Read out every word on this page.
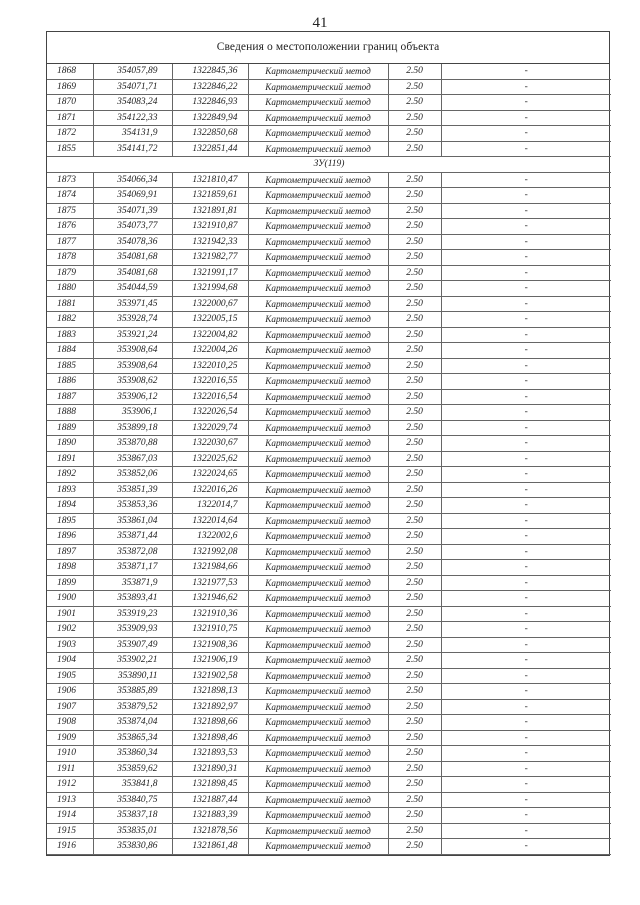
41
Сведения о местоположении границ объекта
1868	354057,89	1322845,36	Картометрический метод	2.50	-
1869	354071,71	1322846,22	Картометрический метод	2.50	-
1870	354083,24	1322846,93	Картометрический метод	2.50	-
1871	354122,33	1322849,94	Картометрический метод	2.50	-
1872	354131,9	1322850,68	Картометрический метод	2.50	-
1855	354141,72	1322851,44	Картометрический метод	2.50	-
ЗУ(119)					
1873	354066,34	1321810,47	Картометрический метод	2.50	-
1874	354069,91	1321859,61	Картометрический метод	2.50	-
1875	354071,39	1321891,81	Картометрический метод	2.50	-
1876	354073,77	1321910,87	Картометрический метод	2.50	-
1877	354078,36	1321942,33	Картометрический метод	2.50	-
1878	354081,68	1321982,77	Картометрический метод	2.50	-
1879	354081,68	1321991,17	Картометрический метод	2.50	-
1880	354044,59	1321994,68	Картометрический метод	2.50	-
1881	353971,45	1322000,67	Картометрический метод	2.50	-
1882	353928,74	1322005,15	Картометрический метод	2.50	-
1883	353921,24	1322004,82	Картометрический метод	2.50	-
1884	353908,64	1322004,26	Картометрический метод	2.50	-
1885	353908,64	1322010,25	Картометрический метод	2.50	-
1886	353908,62	1322016,55	Картометрический метод	2.50	-
1887	353906,12	1322016,54	Картометрический метод	2.50	-
1888	353906,1	1322026,54	Картометрический метод	2.50	-
1889	353899,18	1322029,74	Картометрический метод	2.50	-
1890	353870,88	1322030,67	Картометрический метод	2.50	-
1891	353867,03	1322025,62	Картометрический метод	2.50	-
1892	353852,06	1322024,65	Картометрический метод	2.50	-
1893	353851,39	1322016,26	Картометрический метод	2.50	-
1894	353853,36	1322014,7	Картометрический метод	2.50	-
1895	353861,04	1322014,64	Картометрический метод	2.50	-
1896	353871,44	1322002,6	Картометрический метод	2.50	-
1897	353872,08	1321992,08	Картометрический метод	2.50	-
1898	353871,17	1321984,66	Картометрический метод	2.50	-
1899	353871,9	1321977,53	Картометрический метод	2.50	-
1900	353893,41	1321946,62	Картометрический метод	2.50	-
1901	353919,23	1321910,36	Картометрический метод	2.50	-
1902	353909,93	1321910,75	Картометрический метод	2.50	-
1903	353907,49	1321908,36	Картометрический метод	2.50	-
1904	353902,21	1321906,19	Картометрический метод	2.50	-
1905	353890,11	1321902,58	Картометрический метод	2.50	-
1906	353885,89	1321898,13	Картометрический метод	2.50	-
1907	353879,52	1321892,97	Картометрический метод	2.50	-
1908	353874,04	1321898,66	Картометрический метод	2.50	-
1909	353865,34	1321898,46	Картометрический метод	2.50	-
1910	353860,34	1321893,53	Картометрический метод	2.50	-
1911	353859,62	1321890,31	Картометрический метод	2.50	-
1912	353841,8	1321898,45	Картометрический метод	2.50	-
1913	353840,75	1321887,44	Картометрический метод	2.50	-
1914	353837,18	1321883,39	Картометрический метод	2.50	-
1915	353835,01	1321878,56	Картометрический метод	2.50	-
1916	353830,86	1321861,48	Картометрический метод	2.50	-
